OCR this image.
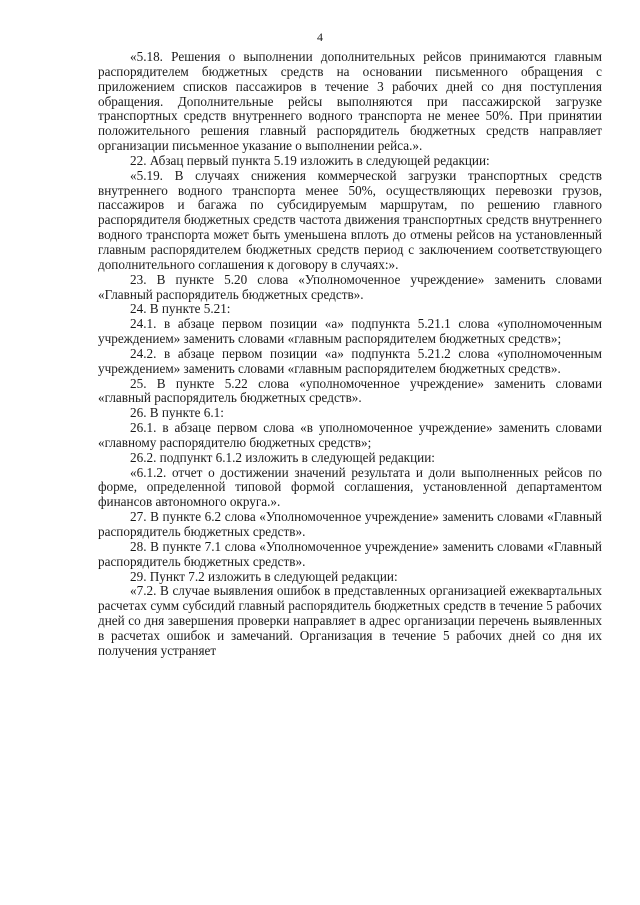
4

«5.18. Решения о выполнении дополнительных рейсов принимаются главным распорядителем бюджетных средств на основании письменного обращения с приложением списков пассажиров в течение 3 рабочих дней со дня поступления обращения. Дополнительные рейсы выполняются при пассажирской загрузке транспортных средств внутреннего водного транспорта не менее 50%. При принятии положительного решения главный распорядитель бюджетных средств направляет организации письменное указание о выполнении рейса.».

22. Абзац первый пункта 5.19 изложить в следующей редакции:

«5.19. В случаях снижения коммерческой загрузки транспортных средств внутреннего водного транспорта менее 50%, осуществляющих перевозки грузов, пассажиров и багажа по субсидируемым маршрутам, по решению главного распорядителя бюджетных средств частота движения транспортных средств внутреннего водного транспорта может быть уменьшена вплоть до отмены рейсов на установленный главным распорядителем бюджетных средств период с заключением соответствующего дополнительного соглашения к договору в случаях:».

23. В пункте 5.20 слова «Уполномоченное учреждение» заменить словами «Главный распорядитель бюджетных средств».

24. В пункте 5.21:

24.1. в абзаце первом позиции «а» подпункта 5.21.1 слова «уполномоченным учреждением» заменить словами «главным распорядителем бюджетных средств»;

24.2. в абзаце первом позиции «а» подпункта 5.21.2 слова «уполномоченным учреждением» заменить словами «главным распорядителем бюджетных средств».

25. В пункте 5.22 слова «уполномоченное учреждение» заменить словами «главный распорядитель бюджетных средств».

26. В пункте 6.1:

26.1. в абзаце первом слова «в уполномоченное учреждение» заменить словами «главному распорядителю бюджетных средств»;

26.2. подпункт 6.1.2 изложить в следующей редакции:

«6.1.2. отчет о достижении значений результата и доли выполненных рейсов по форме, определенной типовой формой соглашения, установленной департаментом финансов автономного округа.».

27. В пункте 6.2 слова «Уполномоченное учреждение» заменить словами «Главный распорядитель бюджетных средств».

28. В пункте 7.1 слова «Уполномоченное учреждение» заменить словами «Главный распорядитель бюджетных средств».

29. Пункт 7.2 изложить в следующей редакции:

«7.2. В случае выявления ошибок в представленных организацией ежеквартальных расчетах сумм субсидий главный распорядитель бюджетных средств в течение 5 рабочих дней со дня завершения проверки направляет в адрес организации перечень выявленных в расчетах ошибок и замечаний. Организация в течение 5 рабочих дней со дня их получения устраняет
